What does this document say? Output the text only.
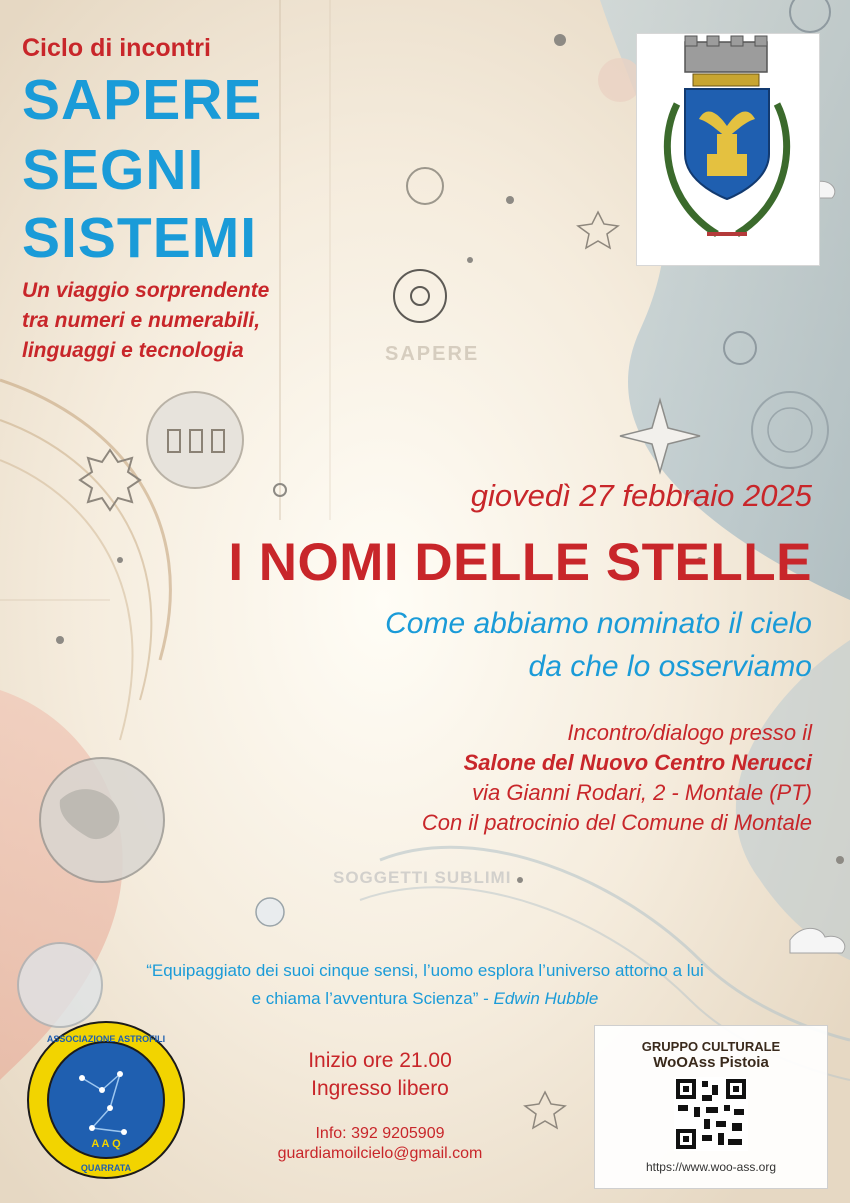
SAPERE
SOGGETTI SUBLIMI
Ciclo di incontri
SAPERE
SEGNI
SISTEMI
Un viaggio sorprendente
tra numeri e numerabili,
linguaggi e tecnologia
giovedì 27 febbraio 2025
I NOMI DELLE STELLE
Come abbiamo nominato il cielo
da che lo osserviamo
Incontro/dialogo presso il
Salone del Nuovo Centro Nerucci
via Gianni Rodari, 2 - Montale (PT)
Con il patrocinio del Comune di Montale
“Equipaggiato dei suoi cinque sensi, l’uomo esplora l’universo attorno a lui
e chiama l’avventura Scienza” - Edwin Hubble
ASSOCIAZIONE ASTROFILI
A A Q
QUARRATA
Inizio ore 21.00
Ingresso libero
Info: 392 9205909
guardiamoilcielo@gmail.com
GRUPPO CULTURALE
WoOAss Pistoia
https://www.woo-ass.org
